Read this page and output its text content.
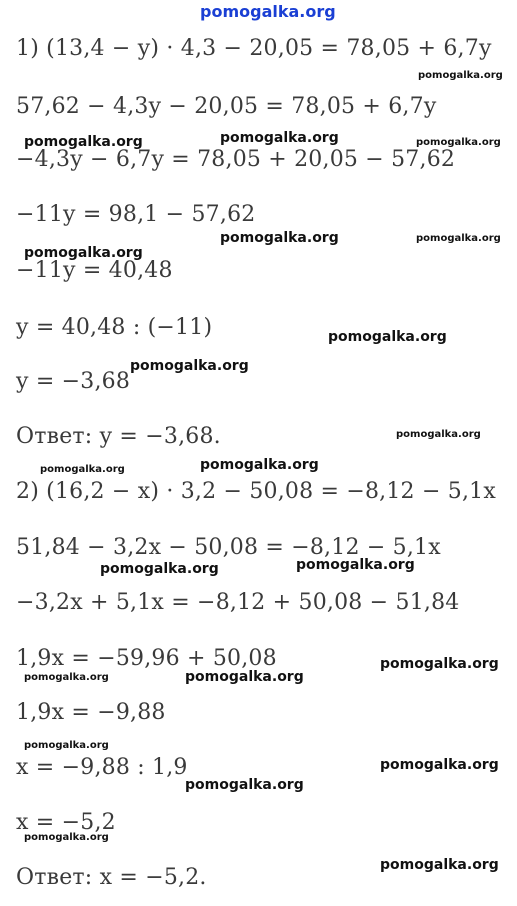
pomogalka.org
1) (13,4 − y) · 4,3 − 20,05 = 78,05 + 6,7y
57,62 − 4,3y − 20,05 = 78,05 + 6,7y
−4,3y − 6,7y = 78,05 + 20,05 − 57,62
−11y = 98,1 − 57,62
−11y = 40,48
y = 40,48 : (−11)
y = −3,68
Ответ: y = −3,68.
2) (16,2 − x) · 3,2 − 50,08 = −8,12 − 5,1x
51,84 − 3,2x − 50,08 = −8,12 − 5,1x
−3,2x + 5,1x = −8,12 + 50,08 − 51,84
1,9x = −59,96 + 50,08
1,9x = −9,88
x = −9,88 : 1,9
x = −5,2
Ответ: x = −5,2.
pomogalka.org
pomogalka.org	pomogalka.org	pomogalka.org
pomogalka.org	pomogalka.org
pomogalka.org
pomogalka.org
pomogalka.org
pomogalka.org
pomogalka.org
pomogalka.org
pomogalka.org	pomogalka.org
pomogalka.org
pomogalka.org	pomogalka.org
pomogalka.org
pomogalka.org
pomogalka.org
pomogalka.org
pomogalka.org
